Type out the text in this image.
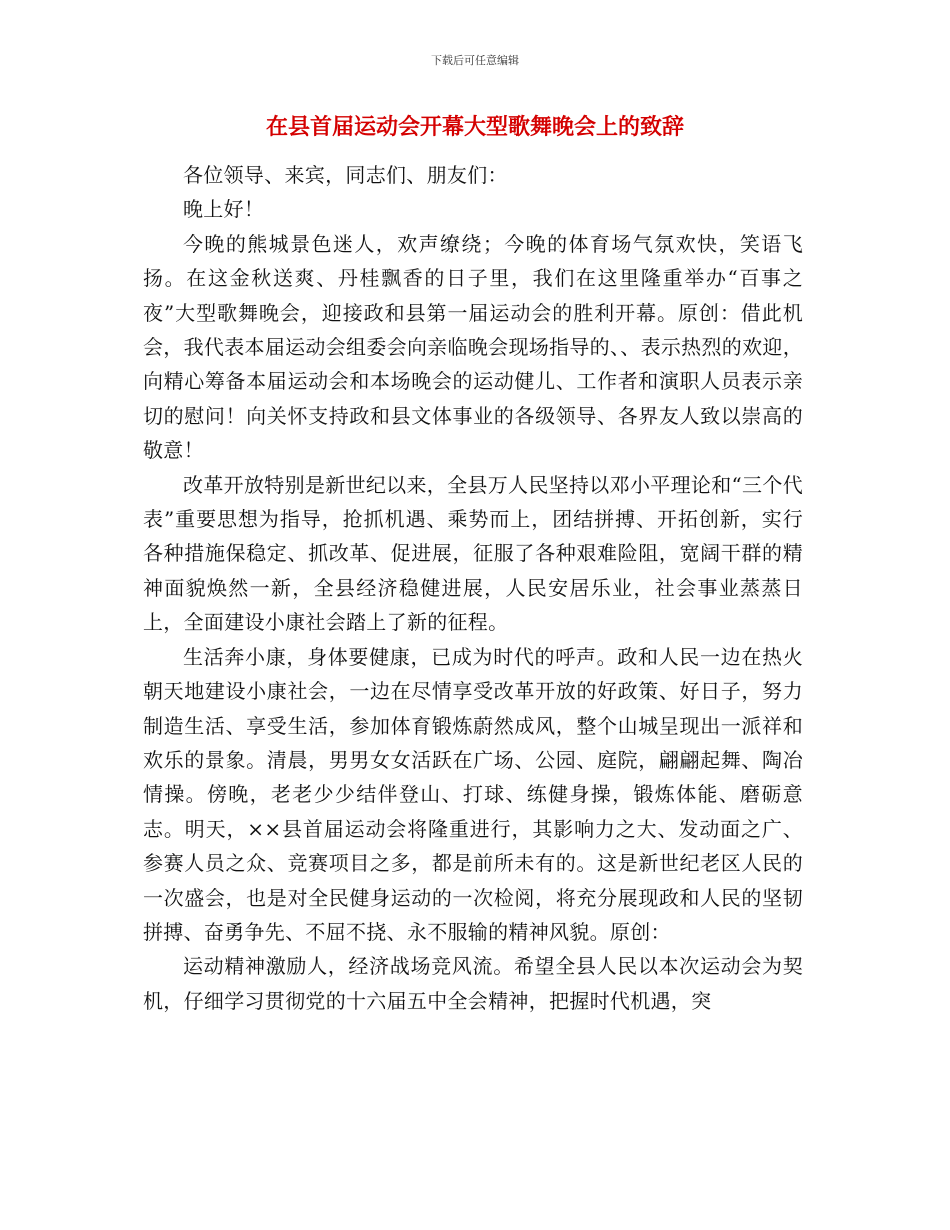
下载后可任意编辑
在县首届运动会开幕大型歌舞晚会上的致辞

各位领导、来宾，同志们、朋友们：

晚上好！

今晚的熊城景色迷人，欢声缭绕；今晚的体育场气氛欢快，笑语飞扬。在这金秋送爽、丹桂飘香的日子里，我们在这里隆重举办“百事之夜”大型歌舞晚会，迎接政和县第一届运动会的胜利开幕。原创：借此机会，我代表本届运动会组委会向亲临晚会现场指导的、、表示热烈的欢迎，向精心筹备本届运动会和本场晚会的运动健儿、工作者和演职人员表示亲切的慰问！向关怀支持政和县文体事业的各级领导、各界友人致以崇高的敬意！

改革开放特别是新世纪以来，全县万人民坚持以邓小平理论和“三个代表”重要思想为指导，抢抓机遇、乘势而上，团结拼搏、开拓创新，实行各种措施保稳定、抓改革、促进展，征服了各种艰难险阻，宽阔干群的精神面貌焕然一新，全县经济稳健进展，人民安居乐业，社会事业蒸蒸日上，全面建设小康社会踏上了新的征程。

生活奔小康，身体要健康，已成为时代的呼声。政和人民一边在热火朝天地建设小康社会，一边在尽情享受改革开放的好政策、好日子，努力制造生活、享受生活，参加体育锻炼蔚然成风，整个山城呈现出一派祥和欢乐的景象。清晨，男男女女活跃在广场、公园、庭院，翩翩起舞、陶冶情操。傍晚，老老少少结伴登山、打球、练健身操，锻炼体能、磨砺意志。明天，××县首届运动会将隆重进行，其影响力之大、发动面之广、参赛人员之众、竞赛项目之多，都是前所未有的。这是新世纪老区人民的一次盛会，也是对全民健身运动的一次检阅，将充分展现政和人民的坚韧拼搏、奋勇争先、不屈不挠、永不服输的精神风貌。原创：

运动精神激励人，经济战场竞风流。希望全县人民以本次运动会为契机，仔细学习贯彻党的十六届五中全会精神，把握时代机遇，突
